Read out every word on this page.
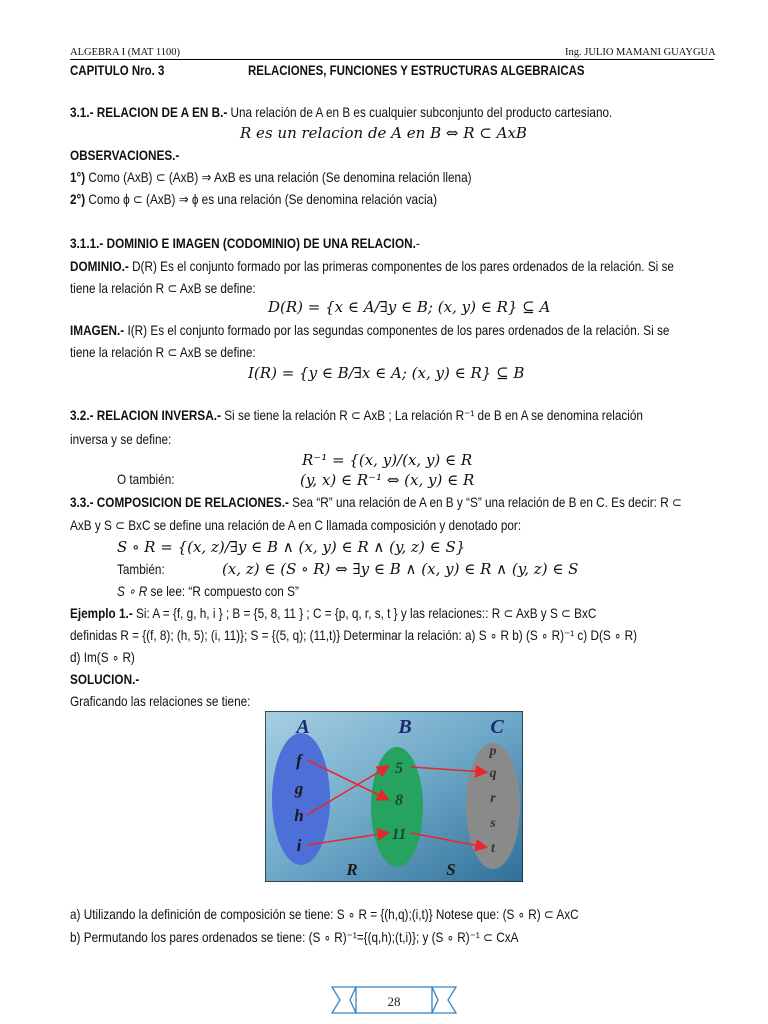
ALGEBRA I (MAT 1100)	Ing. JULIO MAMANI GUAYGUA
CAPITULO Nro. 3	RELACIONES, FUNCIONES Y ESTRUCTURAS ALGEBRAICAS
3.1.- RELACION DE A EN B.- Una relación de A en B es cualquier subconjunto del producto cartesiano.
R es un relacion de A en B ⇔ R ⊂ AxB
OBSERVACIONES.-
1°) Como (AxB) ⊂ (AxB) ⇒ AxB es una relación (Se denomina relación llena)
2°) Como ϕ ⊂ (AxB) ⇒ ϕ es una relación (Se denomina relación vacia)
3.1.1.- DOMINIO E IMAGEN (CODOMINIO) DE UNA RELACION.-
DOMINIO.- D(R) Es el conjunto formado por las primeras componentes de los pares ordenados de la relación. Si se
tiene la relación R ⊂ AxB se define:
D(R) = {x ∈ A/∃y ∈ B; (x, y) ∈ R} ⊆ A
IMAGEN.- I(R) Es el conjunto formado por las segundas componentes de los pares ordenados de la relación. Si se
tiene la relación R ⊂ AxB se define:
I(R) = {y ∈ B/∃x ∈ A; (x, y) ∈ R} ⊆ B
3.2.- RELACION INVERSA.- Si se tiene la relación R ⊂ AxB ; La relación R⁻¹ de B en A se denomina relación
inversa y se define:
R⁻¹ = {(x, y)/(x, y) ∈ R
O también:	(y, x) ∈ R⁻¹ ⇔ (x, y) ∈ R
3.3.- COMPOSICION DE RELACIONES.- Sea “R” una relación de A en B y “S” una relación de B en C. Es decir: R ⊂
AxB y S ⊂ BxC se define una relación de A en C llamada composición y denotado por:
S ∘ R = {(x, z)/∃y ∈ B ∧ (x, y) ∈ R ∧ (y, z) ∈ S}
También:	(x, z) ∈ (S ∘ R) ⇔ ∃y ∈ B ∧ (x, y) ∈ R ∧ (y, z) ∈ S
S ∘ R se lee: “R compuesto con S”
Ejemplo 1.- Si: A = {f, g, h, i } ; B = {5, 8, 11 } ; C = {p, q, r, s, t } y las relaciones:: R ⊂ AxB y S ⊂ BxC
definidas R = {(f, 8); (h, 5); (i, 11)}; S = {(5, q); (11,t)} Determinar la relación: a) S ∘ R b) (S ∘ R)⁻¹ c) D(S ∘ R)
d) Im(S ∘ R)
SOLUCION.-
Graficando las relaciones se tiene:
A	B	C
f
g
h
i
5
8
11
p
q
r
s
t
R	S
a) Utilizando la definición de composición se tiene: S ∘ R = {(h,q);(i,t)} Notese que: (S ∘ R) ⊂ AxC
b) Permutando los pares ordenados se tiene: (S ∘ R)⁻¹={(q,h);(t,i)}; y (S ∘ R)⁻¹ ⊂ CxA
28
